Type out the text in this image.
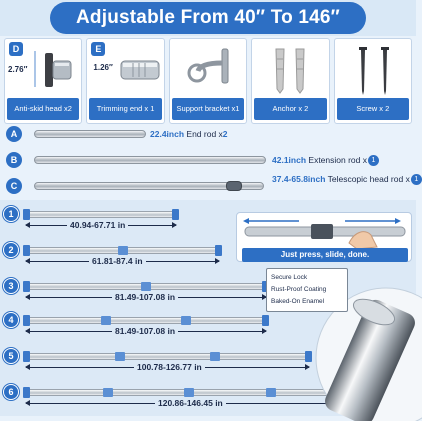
Adjustable From 40″ To 146″
D
2.76″
Anti-skid head x2
E
1.26″
Trimming end x 1	Support bracket x1	Anchor x 2	Screw x 2
A	22.4inch End rod x2
B	42.1inch Extension rod x 1
C
37.4-65.8inch Telescopic head rod x 1
1
40.94-67.71 in
2
61.81-87.4 in
3
81.49-107.08 in
4
81.49-107.08 in
5
100.78-126.77 in
6
120.86-146.45 in
Just press, slide, done.
Secure Lock
Rust-Proof Coating
Baked-On Enamel
